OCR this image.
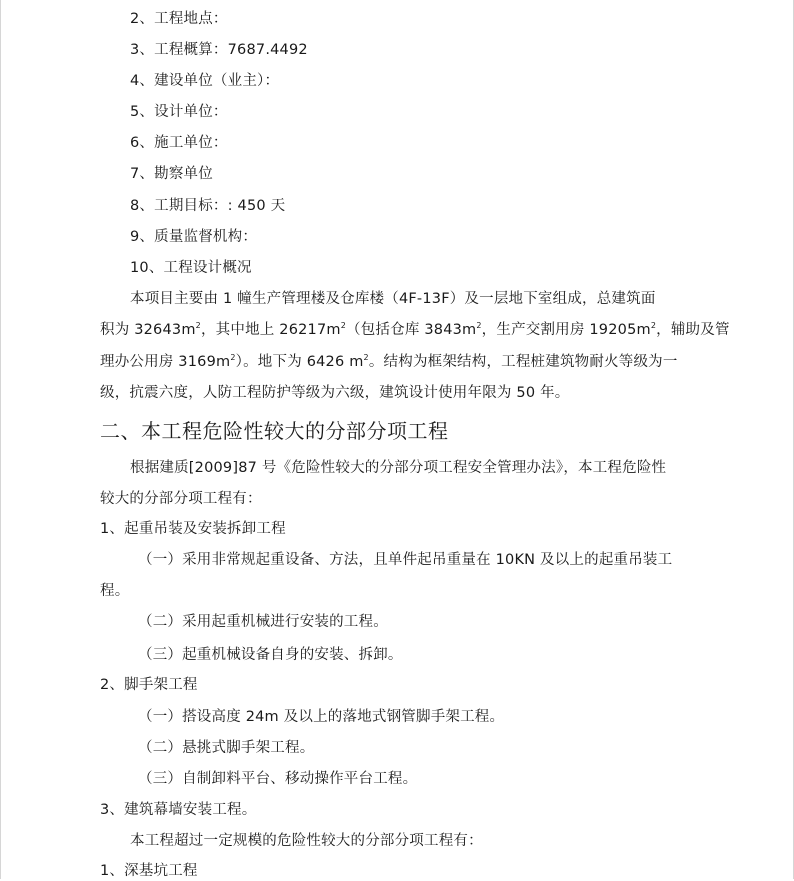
2、工程地点：
3、工程概算：7687.4492
4、建设单位（业主）：
5、设计单位：
6、施工单位：
7、勘察单位
8、工期目标：: 450 天
9、质量监督机构：
10、工程设计概况
本项目主要由 1 幢生产管理楼及仓库楼（4F-13F）及一层地下室组成，总建筑面
积为 $32643m^2$，其中地上 $26217m^2$（包括仓库 $3843m^2$，生产交割用房 $19205m^2$，辅助及管
理办公用房 $3169m^2$）。地下为 6426 $m^2$。结构为框架结构，工程桩建筑物耐火等级为一
级，抗震六度，人防工程防护等级为六级，建筑设计使用年限为 50 年。
二、本工程危险性较大的分部分项工程
根据建质[2009]87 号《危险性较大的分部分项工程安全管理办法》，本工程危险性
较大的分部分项工程有：
1、起重吊装及安装拆卸工程
（一）采用非常规起重设备、方法，且单件起吊重量在 10KN 及以上的起重吊装工
程。
（二）采用起重机械进行安装的工程。
（三）起重机械设备自身的安装、拆卸。
2、脚手架工程
（一）搭设高度 24m 及以上的落地式钢管脚手架工程。
（二）悬挑式脚手架工程。
（三）自制卸料平台、移动操作平台工程。
3、建筑幕墙安装工程。
本工程超过一定规模的危险性较大的分部分项工程有：
1、深基坑工程
